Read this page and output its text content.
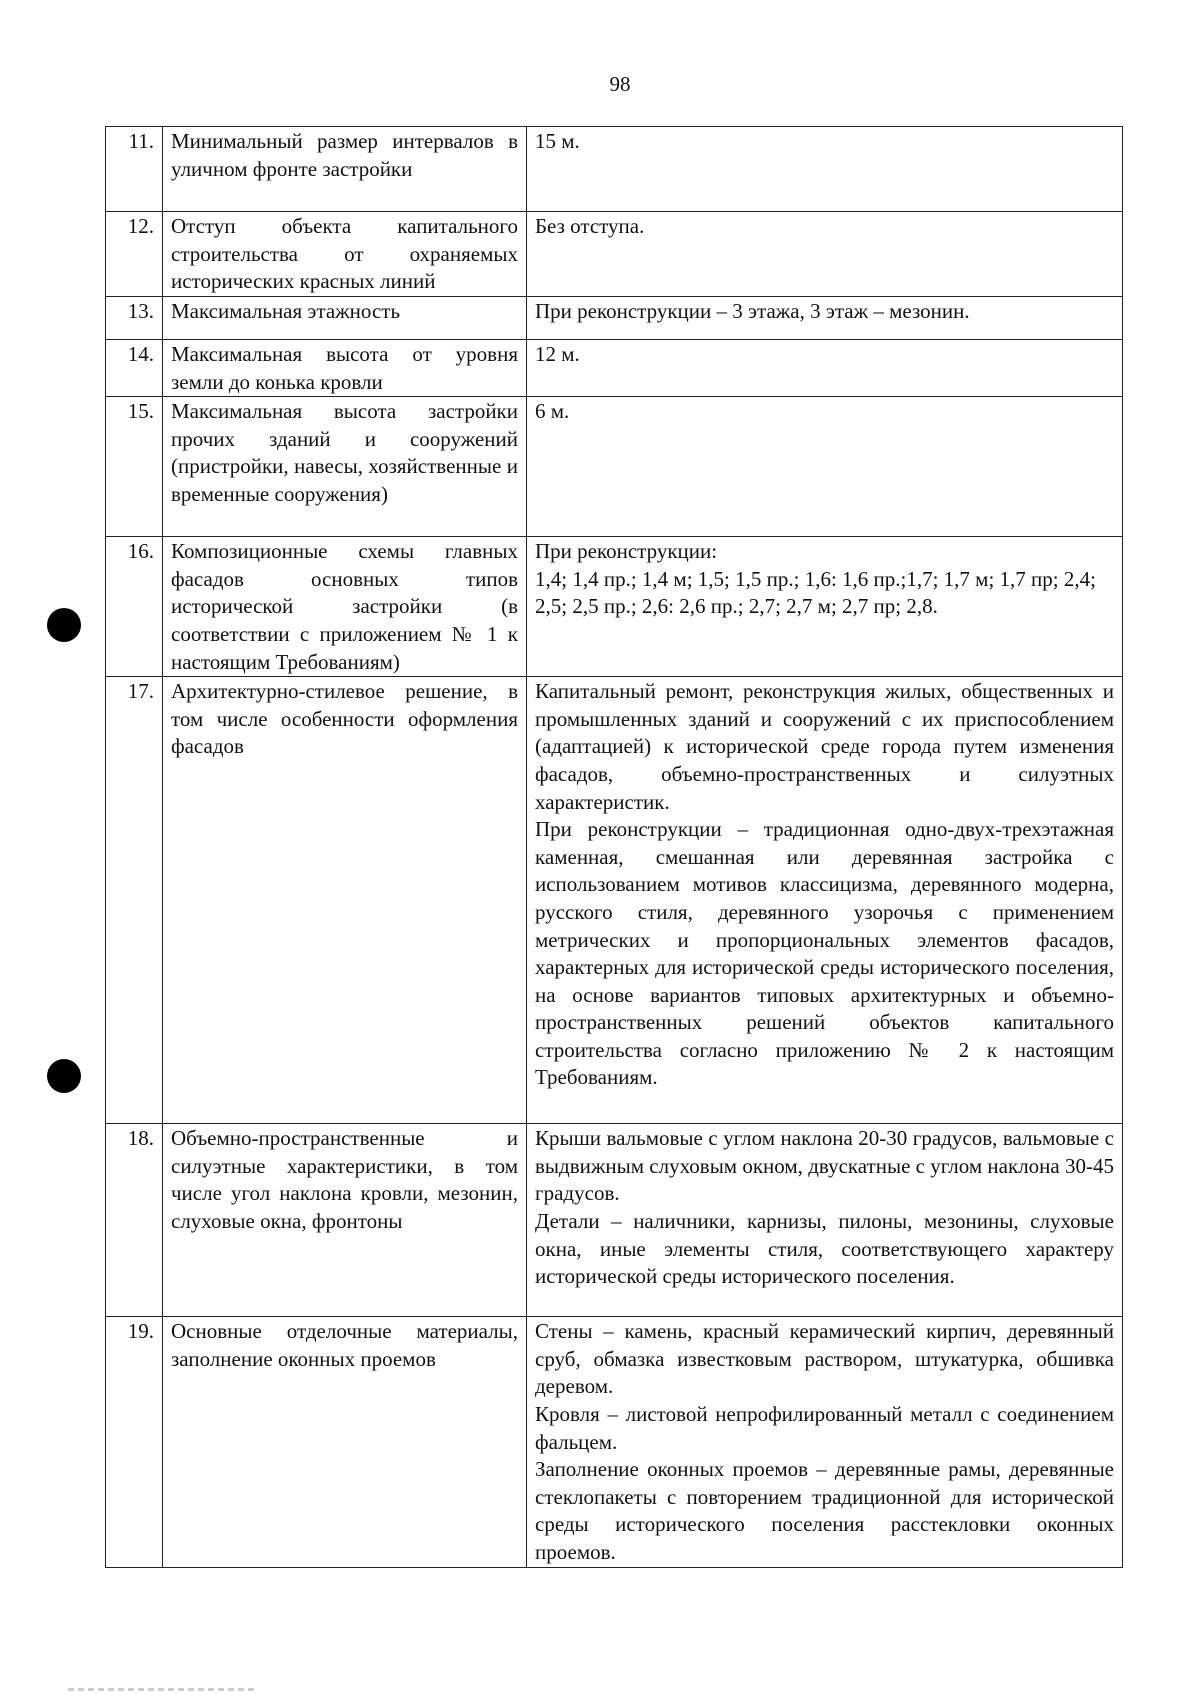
98
11.	Минимальный размер интервалов в уличном фронте застройки	15 м.

12.	Отступ объекта капитального строительства от охраняемых исторических красных линий	Без отступа.

13.	Максимальная этажность	При реконструкции – 3 этажа, 3 этаж – мезонин.

14.	Максимальная высота от уровня земли до конька кровли	12 м.

15.	Максимальная высота застройки прочих зданий и сооружений (пристройки, навесы, хозяйственные и временные сооружения)	6 м.

16.	Композиционные схемы главных фасадов основных типов исторической застройки (в соответствии с приложением № 1 к настоящим Требованиям)	При реконструкции:

1,4; 1,4 пр.; 1,4 м; 1,5; 1,5 пр.; 1,6: 1,6 пр.;1,7; 1,7 м; 1,7 пр; 2,4; 2,5; 2,5 пр.; 2,6: 2,6 пр.; 2,7; 2,7 м; 2,7 пр; 2,8.

17.	Архитектурно-стилевое решение, в том числе особенности оформления фасадов	Капитальный ремонт, реконструкция жилых, общественных и промышленных зданий и сооружений с их приспособлением (адаптацией) к исторической среде города путем изменения фасадов, объемно-пространственных и силуэтных характеристик.

При реконструкции – традиционная одно-двух-трехэтажная каменная, смешанная или деревянная застройка с использованием мотивов классицизма, деревянного модерна, русского стиля, деревянного узорочья с применением метрических и пропорциональных элементов фасадов, характерных для исторической среды исторического поселения, на основе вариантов типовых архитектурных и объемно-пространственных решений объектов капитального строительства согласно приложению № 2 к настоящим Требованиям.

18.	Объемно-пространственные и силуэтные характеристики, в том числе угол наклона кровли, мезонин, слуховые окна, фронтоны	Крыши вальмовые с углом наклона 20-30 градусов, вальмовые с выдвижным слуховым окном, двускатные с углом наклона 30-45 градусов.

Детали – наличники, карнизы, пилоны, мезонины, слуховые окна, иные элементы стиля, соответствующего характеру исторической среды исторического поселения.

19.	Основные отделочные материалы, заполнение оконных проемов	Стены – камень, красный керамический кирпич, деревянный сруб, обмазка известковым раствором, штукатурка, обшивка деревом.

Кровля – листовой непрофилированный металл с соединением фальцем.

Заполнение оконных проемов – деревянные рамы, деревянные стеклопакеты с повторением традиционной для исторической среды исторического поселения расстекловки оконных проемов.
